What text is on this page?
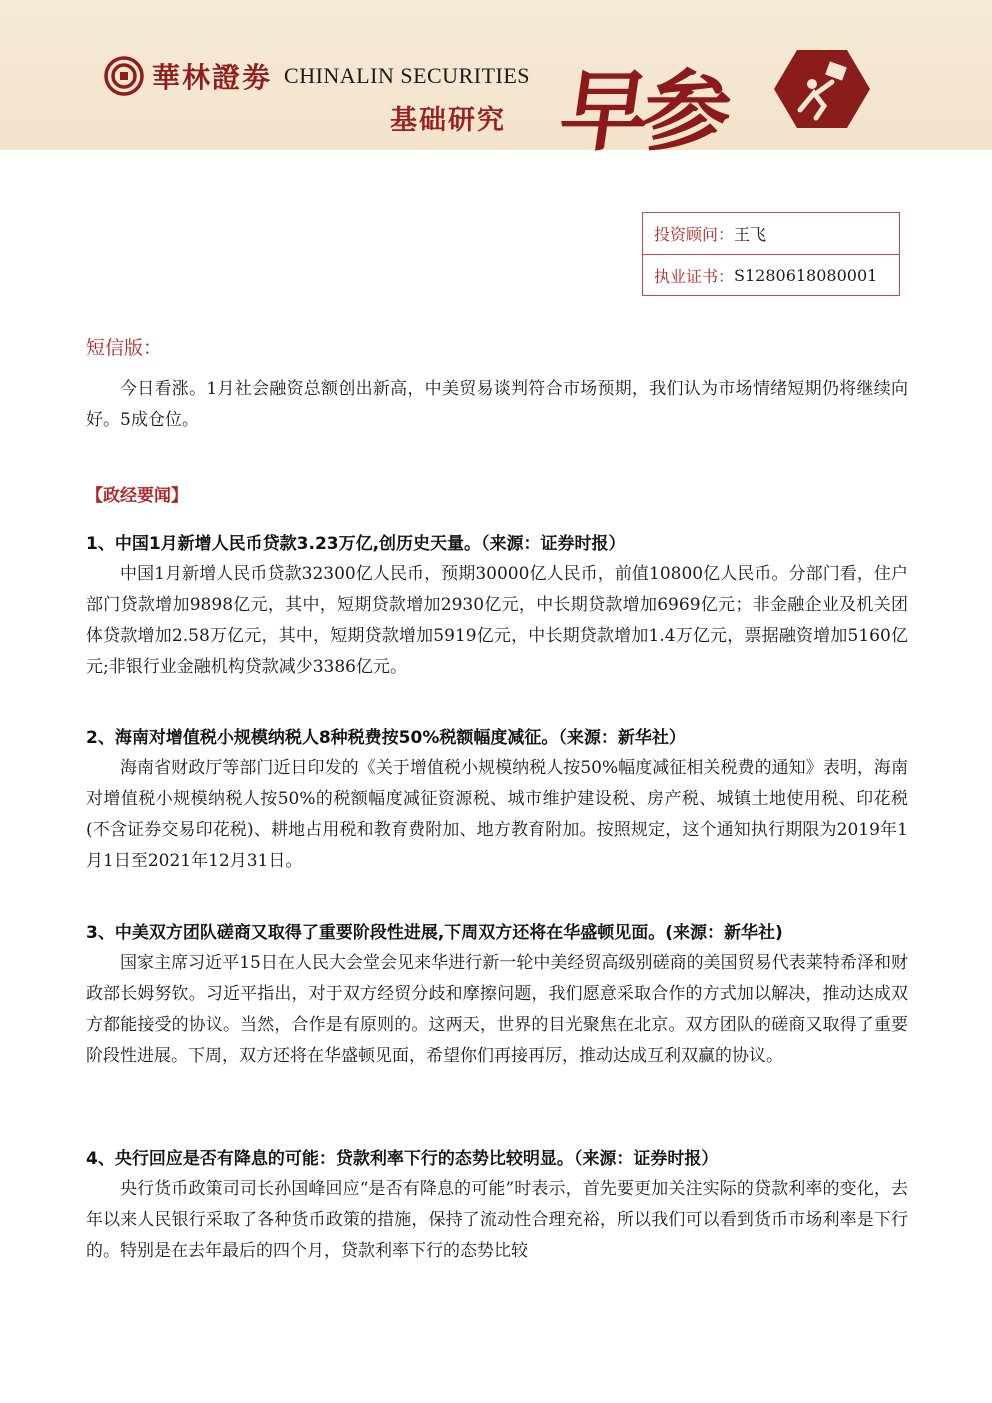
華林證劵 CHINALIN SECURITIES
基础研究 早参
投资顾问： 王飞
执业证书： S1280618080001
短信版：
今日看涨。1月社会融资总额创出新高，中美贸易谈判符合市场预期，我们认为市场情绪短期仍将继续向好。5成仓位。
【政经要闻】
1、中国1月新增人民币贷款3.23万亿,创历史天量。（来源：证券时报）
中国1月新增人民币贷款32300亿人民币，预期30000亿人民币，前值10800亿人民币。分部门看，住户部门贷款增加9898亿元，其中，短期贷款增加2930亿元，中长期贷款增加6969亿元；非金融企业及机关团体贷款增加2.58万亿元，其中，短期贷款增加5919亿元，中长期贷款增加1.4万亿元，票据融资增加5160亿元;非银行业金融机构贷款减少3386亿元。
2、海南对增值税小规模纳税人8种税费按50%税额幅度减征。（来源：新华社）
海南省财政厅等部门近日印发的《关于增值税小规模纳税人按50%幅度减征相关税费的通知》表明，海南对增值税小规模纳税人按50%的税额幅度减征资源税、城市维护建设税、房产税、城镇土地使用税、印花税(不含证券交易印花税)、耕地占用税和教育费附加、地方教育附加。按照规定，这个通知执行期限为2019年1月1日至2021年12月31日。
3、中美双方团队磋商又取得了重要阶段性进展,下周双方还将在华盛顿见面。(来源：新华社)
国家主席习近平15日在人民大会堂会见来华进行新一轮中美经贸高级别磋商的美国贸易代表莱特希泽和财政部长姆努钦。习近平指出，对于双方经贸分歧和摩擦问题，我们愿意采取合作的方式加以解决，推动达成双方都能接受的协议。当然，合作是有原则的。这两天，世界的目光聚焦在北京。双方团队的磋商又取得了重要阶段性进展。下周，双方还将在华盛顿见面，希望你们再接再厉，推动达成互利双赢的协议。
4、央行回应是否有降息的可能：贷款利率下行的态势比较明显。（来源：证券时报）
央行货币政策司司长孙国峰回应“是否有降息的可能”时表示，首先要更加关注实际的贷款利率的变化，去年以来人民银行采取了各种货币政策的措施，保持了流动性合理充裕，所以我们可以看到货币市场利率是下行的。特别是在去年最后的四个月，贷款利率下行的态势比较
